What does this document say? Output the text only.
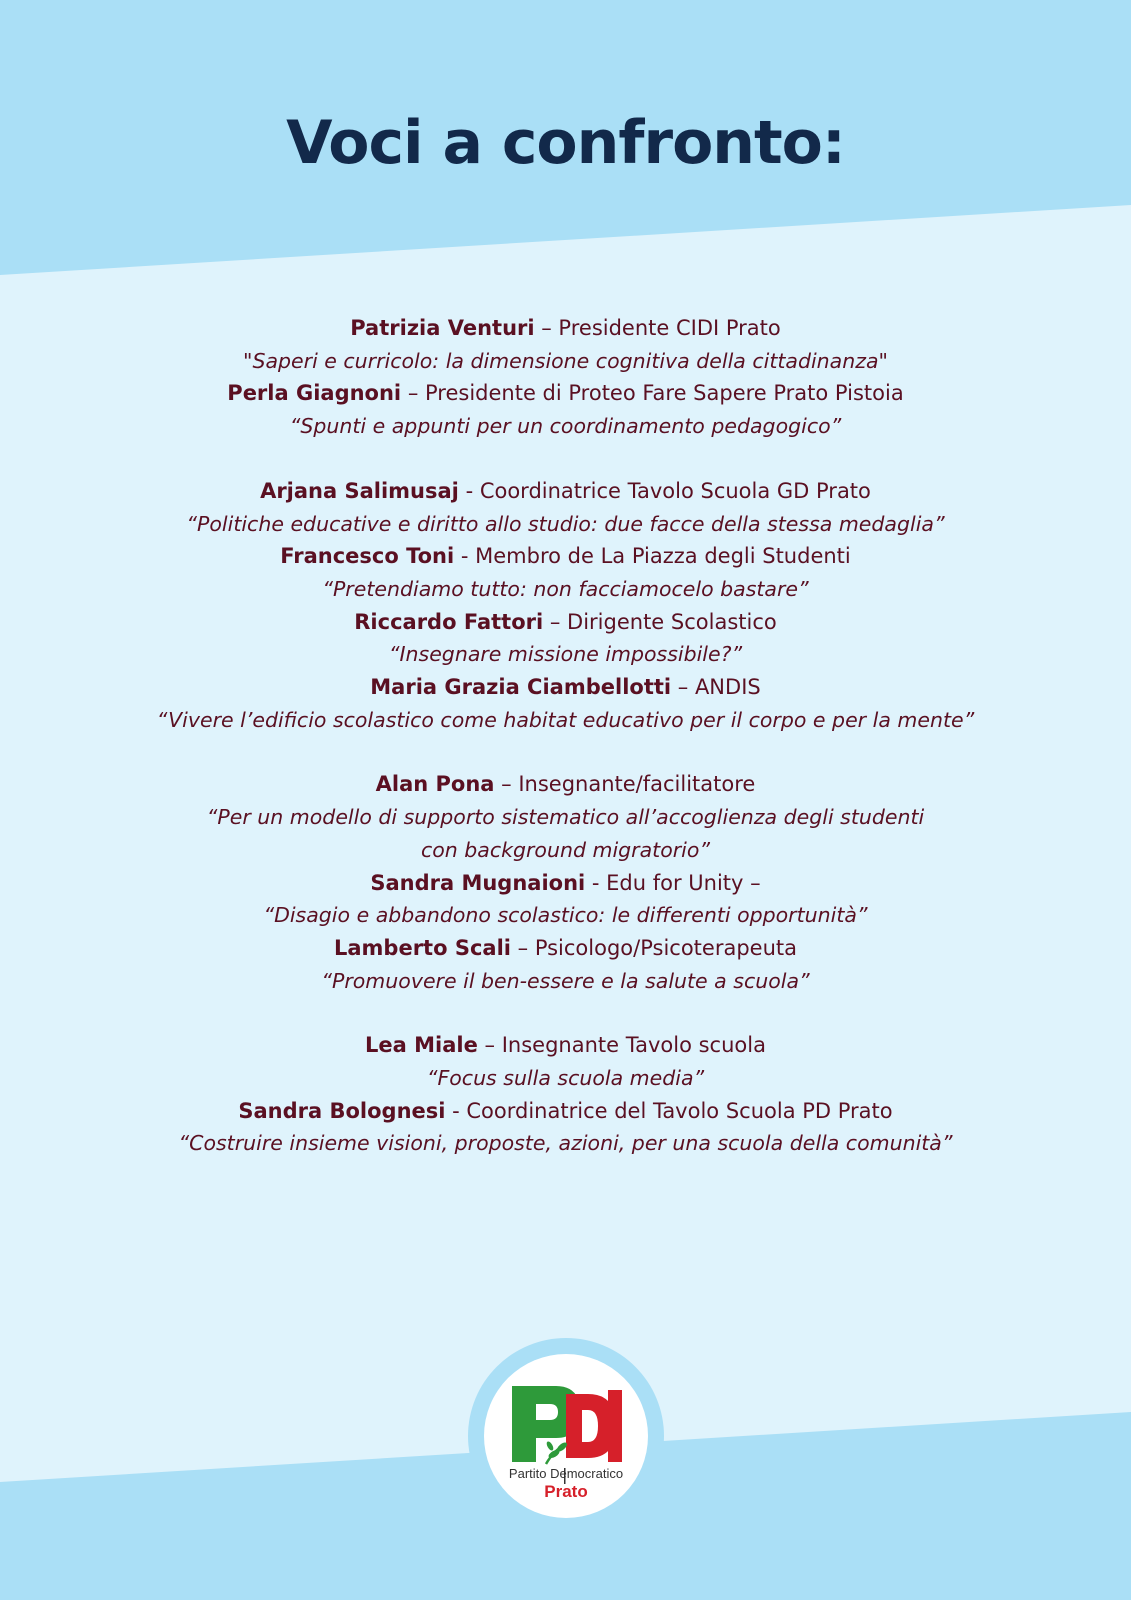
Voci a confronto:

Patrizia Venturi – Presidente CIDI Prato

"Saperi e curricolo: la dimensione cognitiva della cittadinanza"

Perla Giagnoni – Presidente di Proteo Fare Sapere Prato Pistoia

“Spunti e appunti per un coordinamento pedagogico”

Arjana Salimusaj - Coordinatrice Tavolo Scuola GD Prato

“Politiche educative e diritto allo studio: due facce della stessa medaglia”

Francesco Toni - Membro de La Piazza degli Studenti

“Pretendiamo tutto: non facciamocelo bastare”

Riccardo Fattori – Dirigente Scolastico

“Insegnare missione impossibile?”

Maria Grazia Ciambellotti – ANDIS

“Vivere l’edificio scolastico come habitat educativo per il corpo e per la mente”

Alan Pona – Insegnante/facilitatore

“Per un modello di supporto sistematico all’accoglienza degli studenti

con background migratorio”

Sandra Mugnaioni - Edu for Unity –

“Disagio e abbandono scolastico: le differenti opportunità”

Lamberto Scali – Psicologo/Psicoterapeuta

“Promuovere il ben-essere e la salute a scuola”

Lea Miale – Insegnante Tavolo scuola

“Focus sulla scuola media”

Sandra Bolognesi - Coordinatrice del Tavolo Scuola PD Prato

“Costruire insieme visioni, proposte, azioni, per una scuola della comunità”

Partito Democratico
Prato
